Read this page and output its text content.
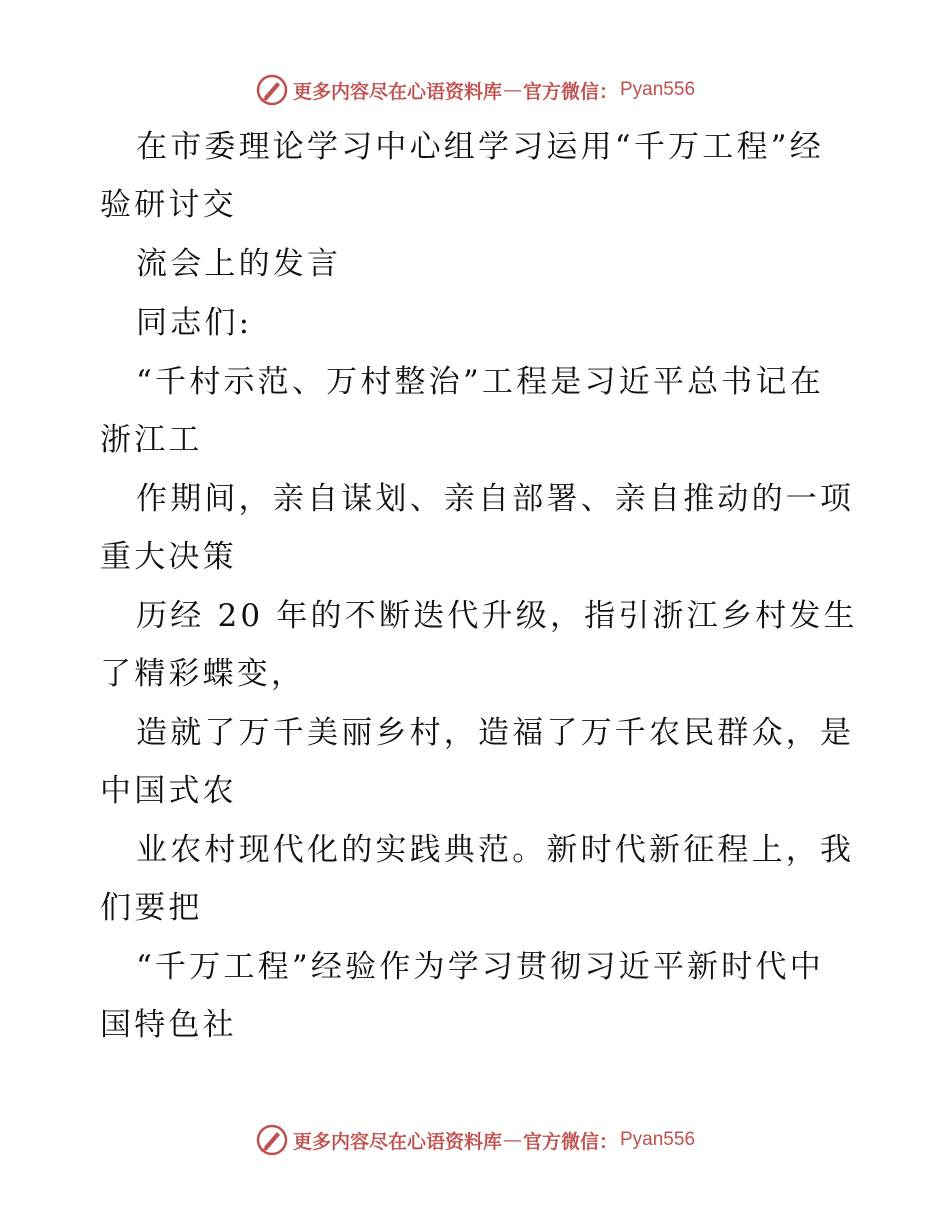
更多内容尽在心语资料库 — 官方微信： Pyan556
在市委理论学习中心组学习运用“千万工程”经
验研讨交
流会上的发言
同志们:
“千村示范、万村整治”工程是习近平总书记在
浙江工
作期间，亲自谋划、亲自部署、亲自推动的一项
重大决策
历经 20 年的不断迭代升级，指引浙江乡村发生
了精彩蝶变，
造就了万千美丽乡村，造福了万千农民群众，是
中国式农
业农村现代化的实践典范。新时代新征程上，我
们要把
“千万工程”经验作为学习贯彻习近平新时代中
国特色社
更多内容尽在心语资料库 — 官方微信： Pyan556
